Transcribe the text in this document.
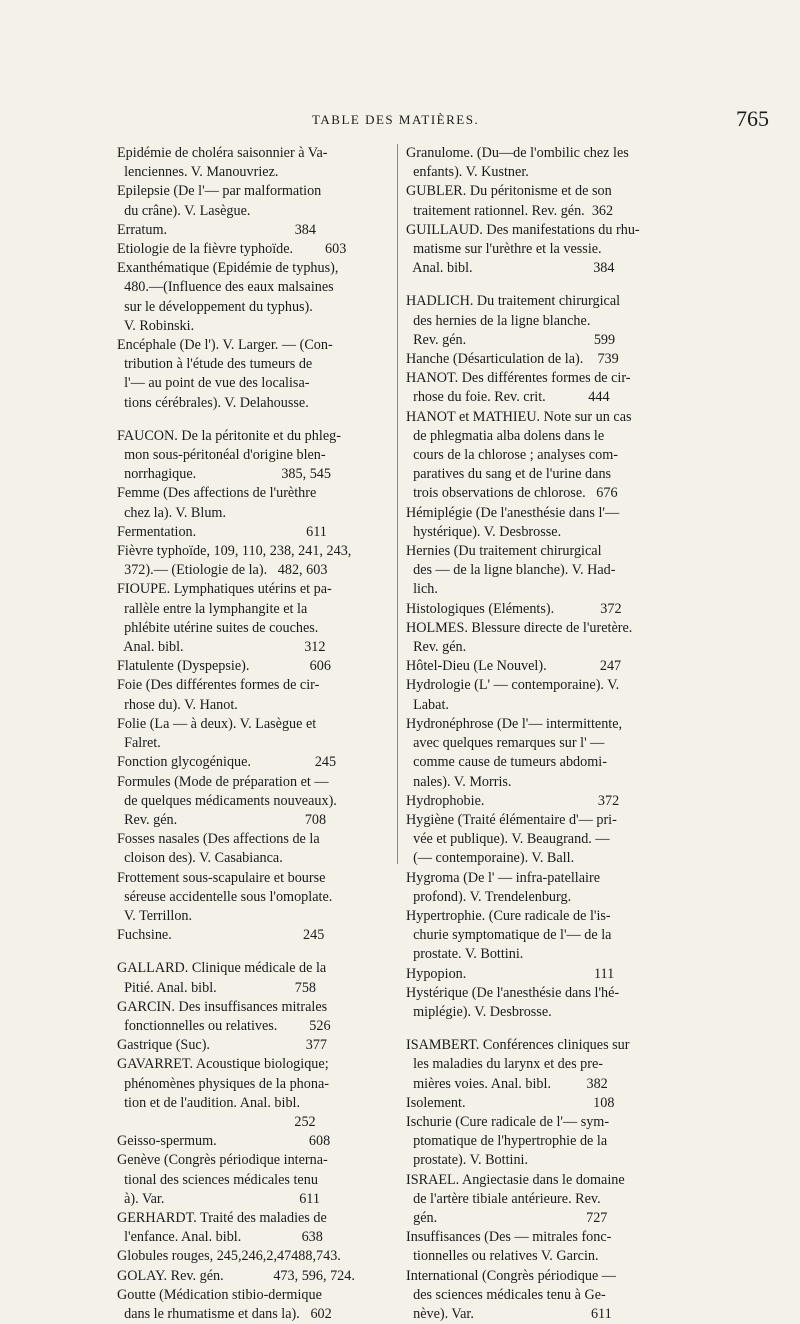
TABLE DES MATIÈRES.	765
Epidémie de choléra saisonnier à Va-
lenciennes. V. Manouvriez.
Epilepsie (De l'— par malformation
du crâne). V. Lasègue.
Erratum.                                    384
Etiologie de la fièvre typhoïde.         603
Exanthématique (Epidémie de typhus),
480.—(Influence des eaux malsaines
sur le développement du typhus).
V. Robinski.
Encéphale (De l'). V. Larger. — (Con-
tribution à l'étude des tumeurs de
l'— au point de vue des localisa-
tions cérébrales). V. Delahousse.
FAUCON. De la péritonite et du phleg-
mon sous-péritonéal d'origine blen-
norrhagique.                        385, 545
Femme (Des affections de l'urèthre
chez la). V. Blum.
Fermentation.                               611
Fièvre typhoïde, 109, 110, 238, 241, 243,
372).— (Etiologie de la).   482, 603
FIOUPE. Lymphatiques utérins et pa-
rallèle entre la lymphangite et la
phlébite utérine suites de couches.
Anal. bibl.                                  312
Flatulente (Dyspepsie).                 606
Foie (Des différentes formes de cir-
rhose du). V. Hanot.
Folie (La — à deux). V. Lasègue et
Falret.
Fonction glycogénique.                  245
Formules (Mode de préparation et —
de quelques médicaments nouveaux).
Rev. gén.                                    708
Fosses nasales (Des affections de la
cloison des). V. Casabianca.
Frottement sous-scapulaire et bourse
séreuse accidentelle sous l'omoplate.
V. Terrillon.
Fuchsine.                                     245
GALLARD. Clinique médicale de la
Pitié. Anal. bibl.                      758
GARCIN. Des insuffisances mitrales
fonctionnelles ou relatives.         526
Gastrique (Suc).                           377
GAVARRET. Acoustique biologique;
phénomènes physiques de la phona-
tion et de l'audition. Anal. bibl.
252
Geisso-spermum.                          608
Genève (Congrès périodique interna-
tional des sciences médicales tenu
à). Var.                                      611
GERHARDT. Traité des maladies de
l'enfance. Anal. bibl.                 638
Globules rouges, 245,246,2,47488,743.
GOLAY. Rev. gén.              473, 596, 724.
Goutte (Médication stibio-dermique
dans le rhumatisme et dans la).   602
Granulome. (Du—de l'ombilic chez les
enfants). V. Kustner.
GUBLER. Du péritonisme et de son
traitement rationnel. Rev. gén.  362
GUILLAUD. Des manifestations du rhu-
matisme sur l'urèthre et la vessie.
Anal. bibl.                                  384
HADLICH. Du traitement chirurgical
des hernies de la ligne blanche.
Rev. gén.                                    599
Hanche (Désarticulation de la).    739
HANOT. Des différentes formes de cir-
rhose du foie. Rev. crit.            444
HANOT et MATHIEU. Note sur un cas
de phlegmatia alba dolens dans le
cours de la chlorose ; analyses com-
paratives du sang et de l'urine dans
trois observations de chlorose.   676
Hémiplégie (De l'anesthésie dans l'—
hystérique). V. Desbrosse.
Hernies (Du traitement chirurgical
des — de la ligne blanche). V. Had-
lich.
Histologiques (Eléments).             372
HOLMES. Blessure directe de l'uretère.
Rev. gén.
Hôtel-Dieu (Le Nouvel).               247
Hydrologie (L' — contemporaine). V.
Labat.
Hydronéphrose (De l'— intermittente,
avec quelques remarques sur l' —
comme cause de tumeurs abdomi-
nales). V. Morris.
Hydrophobie.                                372
Hygiène (Traité élémentaire d'— pri-
vée et publique). V. Beaugrand. —
(— contemporaine). V. Ball.
Hygroma (De l' — infra-patellaire
profond). V. Trendelenburg.
Hypertrophie. (Cure radicale de l'is-
churie symptomatique de l'— de la
prostate. V. Bottini.
Hypopion.                                    111
Hystérique (De l'anesthésie dans l'hé-
miplégie). V. Desbrosse.
ISAMBERT. Conférences cliniques sur
les maladies du larynx et des pre-
mières voies. Anal. bibl.          382
Isolement.                                    108
Ischurie (Cure radicale de l'— sym-
ptomatique de l'hypertrophie de la
prostate). V. Bottini.
ISRAEL. Angiectasie dans le domaine
de l'artère tibiale antérieure. Rev.
gén.                                          727
Insuffisances (Des — mitrales fonc-
tionnelles ou relatives V. Garcin.
International (Congrès périodique —
des sciences médicales tenu à Ge-
nève). Var.                                 611
